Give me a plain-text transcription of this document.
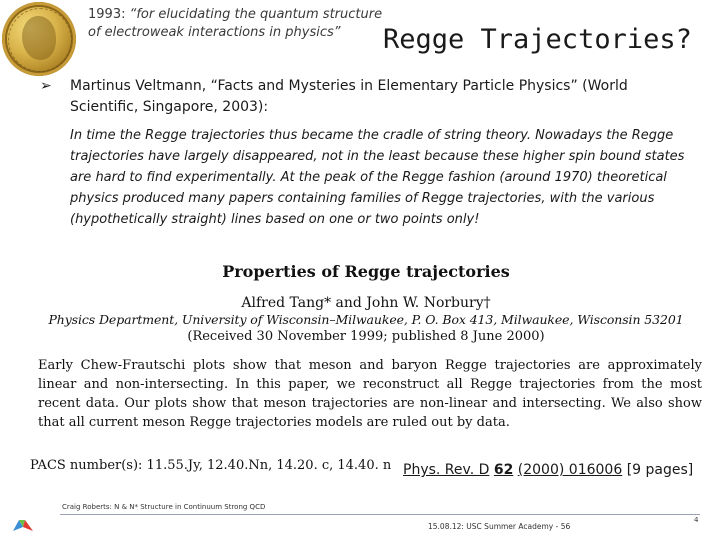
1993: “for elucidating the quantum structure of electroweak interactions in physics”	Regge Trajectories?
➢ Martinus Veltmann, “Facts and Mysteries in Elementary Particle Physics” (World Scientific, Singapore, 2003):
In time the Regge trajectories thus became the cradle of string theory. Nowadays the Regge trajectories have largely disappeared, not in the least because these higher spin bound states are hard to find experimentally. At the peak of the Regge fashion (around 1970) theoretical physics produced many papers containing families of Regge trajectories, with the various (hypothetically straight) lines based on one or two points only!
Properties of Regge trajectories
Alfred Tang* and John W. Norbury†
Physics Department, University of Wisconsin–Milwaukee, P. O. Box 413, Milwaukee, Wisconsin 53201
(Received 30 November 1999; published 8 June 2000)
Early Chew-Frautschi plots show that meson and baryon Regge trajectories are approximately linear and non-intersecting. In this paper, we reconstruct all Regge trajectories from the most recent data. Our plots show that meson trajectories are non-linear and intersecting. We also show that all current meson Regge trajectories models are ruled out by data.
PACS number(s): 11.55.Jy, 12.40.Nn, 14.20. c, 14.40. n Phys. Rev. D 62 (2000) 016006 [9 pages]
Craig Roberts: N & N* Structure in Continuum Strong QCD
15.08.12: USC Summer Academy - 56
4
